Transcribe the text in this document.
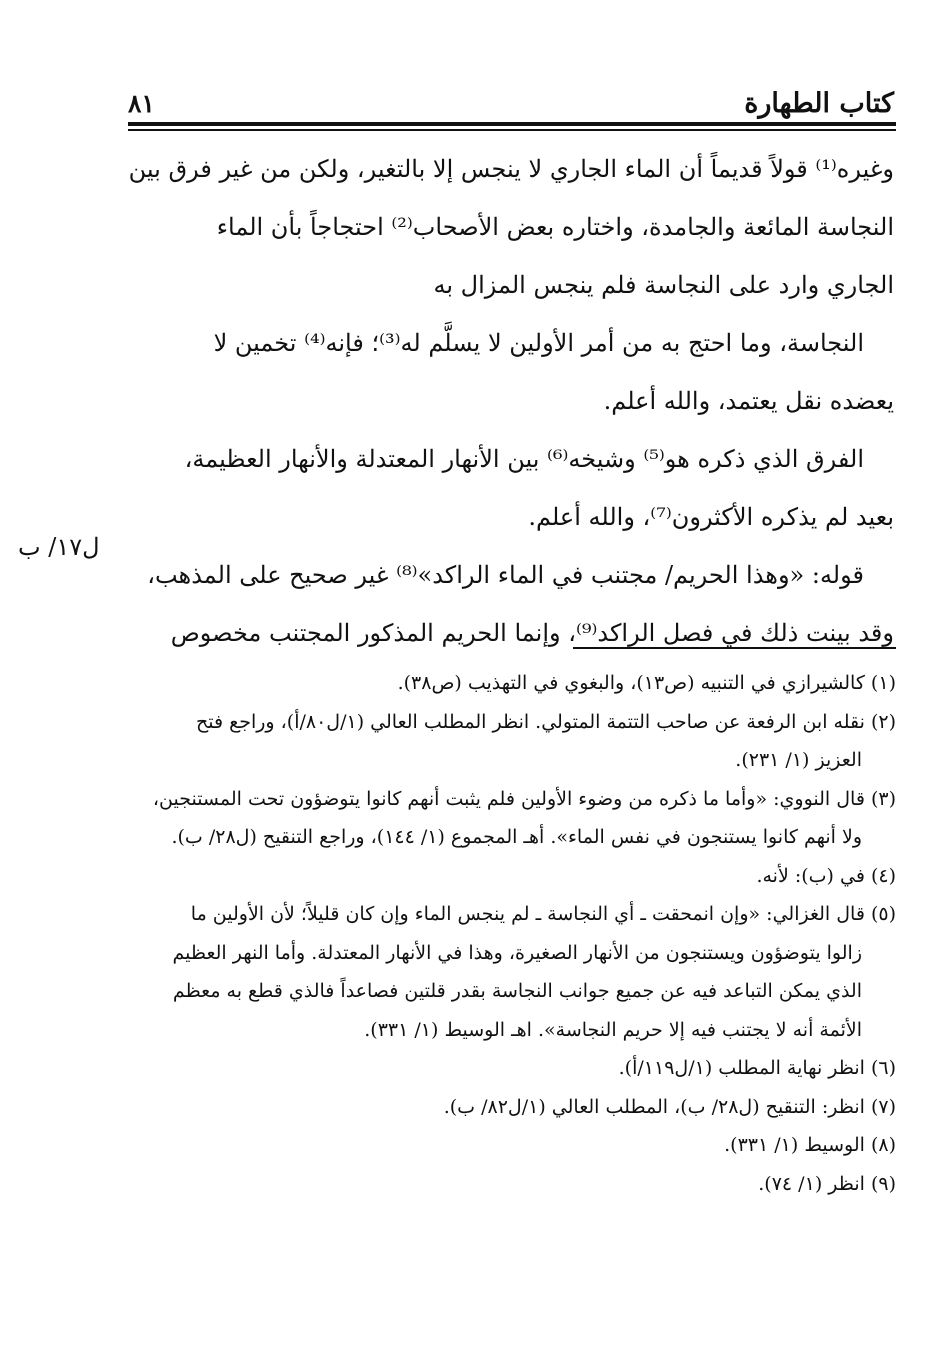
كتاب الطهارة
٨١
وغيره⁽¹⁾ قولاً قديماً أن الماء الجاري لا ينجس إلا بالتغير، ولكن من غير فرق بين
النجاسة المائعة والجامدة، واختاره بعض الأصحاب⁽²⁾ احتجاجاً بأن الماء
الجاري وارد على النجاسة فلم ينجس المزال به
النجاسة، وما احتج به من أمر الأولين لا يسلَّم له⁽³⁾؛ فإنه⁽⁴⁾ تخمين لا
يعضده نقل يعتمد، والله أعلم.
الفرق الذي ذكره هو⁽⁵⁾ وشيخه⁽⁶⁾ بين الأنهار المعتدلة والأنهار العظيمة،
بعيد لم يذكره الأكثرون⁽⁷⁾، والله أعلم.
قوله: «وهذا الحريم/ مجتنب في الماء الراكد»⁽⁸⁾ غير صحيح على المذهب،
وقد بينت ذلك في فصل الراكد⁽⁹⁾، وإنما الحريم المذكور المجتنب مخصوص
ل١٧/ ب
(١) كالشيرازي في التنبيه (ص١٣)، والبغوي في التهذيب (ص٣٨).
(٢) نقله ابن الرفعة عن صاحب التتمة المتولي. انظر المطلب العالي (١/ل٨٠/أ)، وراجع فتح
العزيز (١/ ٢٣١).
(٣) قال النووي: «وأما ما ذكره من وضوء الأولين فلم يثبت أنهم كانوا يتوضؤون تحت المستنجين،
ولا أنهم كانوا يستنجون في نفس الماء». أهـ المجموع (١/ ١٤٤)، وراجع التنقيح (ل٢٨/ ب).
(٤) في (ب): لأنه.
(٥) قال الغزالي: «وإن انمحقت ـ أي النجاسة ـ لم ينجس الماء وإن كان قليلاً؛ لأن الأولين ما
زالوا يتوضؤون ويستنجون من الأنهار الصغيرة، وهذا في الأنهار المعتدلة. وأما النهر العظيم
الذي يمكن التباعد فيه عن جميع جوانب النجاسة بقدر قلتين فصاعداً فالذي قطع به معظم
الأئمة أنه لا يجتنب فيه إلا حريم النجاسة». اهـ الوسيط (١/ ٣٣١).
(٦) انظر نهاية المطلب (١/ل١١٩/أ).
(٧) انظر: التنقيح (ل٢٨/ ب)، المطلب العالي (١/ل٨٢/ ب).
(٨) الوسيط (١/ ٣٣١).
(٩) انظر (١/ ٧٤).
